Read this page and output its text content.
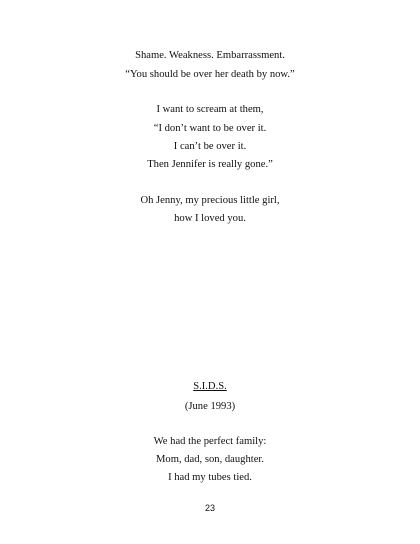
Shame. Weakness. Embarrassment.
“You should be over her death by now.”
I want to scream at them,
“I don’t want to be over it.
I can’t be over it.
Then Jennifer is really gone.”
Oh Jenny, my precious little girl,
how I loved you.
S.I.D.S.
(June 1993)
We had the perfect family:
Mom, dad, son, daughter.
I had my tubes tied.
23
